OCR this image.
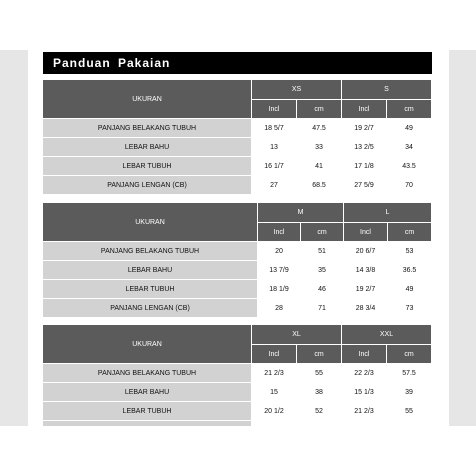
Panduan Pakaian
UKURAN	XS		S	
	Incl	cm	Incl	cm
PANJANG BELAKANG TUBUH	18 5/7	47.5	19 2/7	49
LEBAR BAHU	13	33	13 2/5	34
LEBAR TUBUH	16 1/7	41	17 1/8	43.5
PANJANG LENGAN (CB)	27	68.5	27 5/9	70
UKURAN	M		L	
	Incl	cm	Incl	cm
PANJANG BELAKANG TUBUH	20	51	20 6/7	53
LEBAR BAHU	13 7/9	35	14 3/8	36.5
LEBAR TUBUH	18 1/9	46	19 2/7	49
PANJANG LENGAN (CB)	28	71	28 3/4	73
UKURAN	XL		XXL	
	Incl	cm	Incl	cm
PANJANG BELAKANG TUBUH	21 2/3	55	22 2/3	57.5
LEBAR BAHU	15	38	15 1/3	39
LEBAR TUBUH	20 1/2	52	21 2/3	55
